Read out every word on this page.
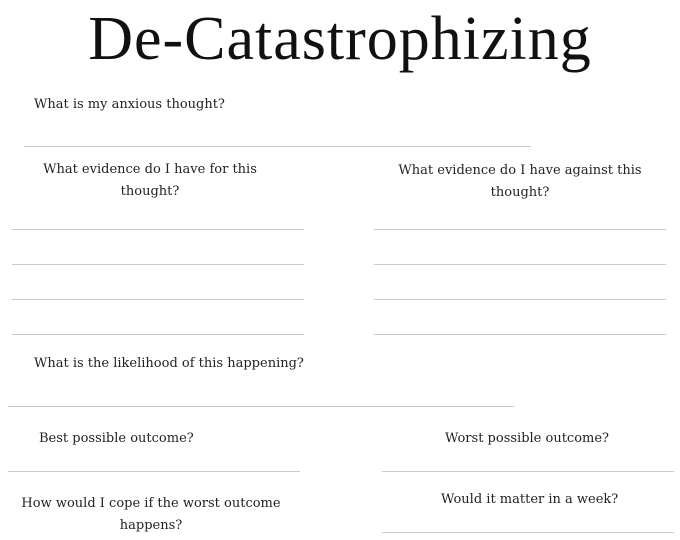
De-Catastrophizing
What is my anxious thought?
What evidence do I have for this thought?
What evidence do I have against this thought?
What is the likelihood of this happening?
Best possible outcome?	Worst possible outcome?
How would I cope if the worst outcome happens?
Would it matter in a week?
